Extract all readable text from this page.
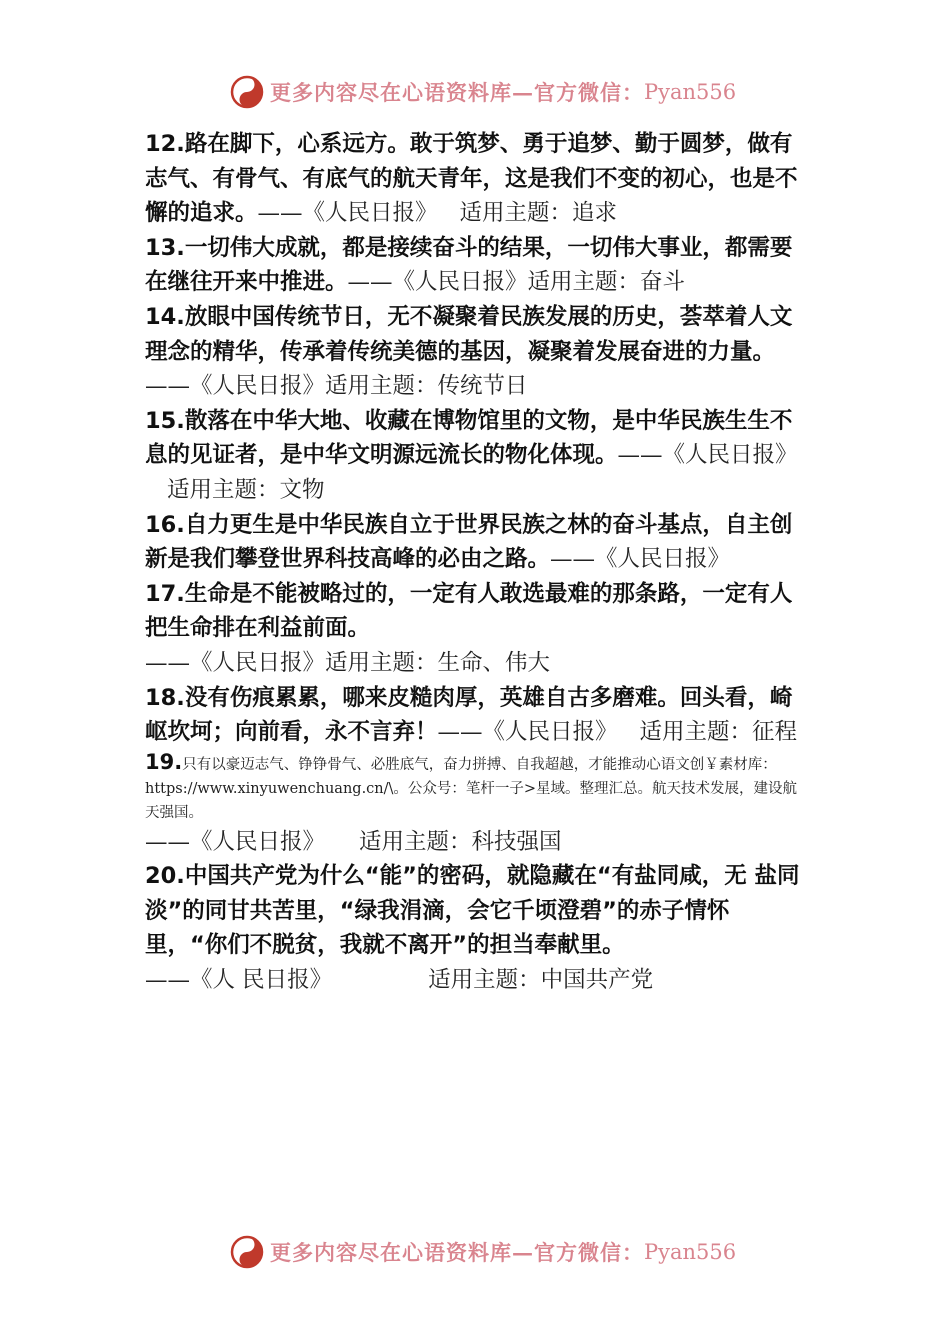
更多内容尽在心语资料库—官方微信： Pyan556
12.路在脚下，心系远方。敢于筑梦、勇于追梦、勤于圆梦，做有志气、有骨气、有底气的航天青年，这是我们不变的初心，也是不懈的追求。——《人民日报》 适用主题：追求
13.一切伟大成就，都是接续奋斗的结果，一切伟大事业，都需要在继往开来中推进。——《人民日报》适用主题：奋斗
14.放眼中国传统节日，无不凝聚着民族发展的历史，荟萃着人文理念的精华，传承着传统美德的基因，凝聚着发展奋进的力量。——《人民日报》适用主题：传统节日
15.散落在中华大地、收藏在博物馆里的文物，是中华民族生生不息的见证者，是中华文明源远流长的物化体现。——《人民日报》适用主题：文物
16.自力更生是中华民族自立于世界民族之林的奋斗基点，自主创新是我们攀登世界科技高峰的必由之路。——《人民日报》
17.生命是不能被略过的，一定有人敢选最难的那条路，一定有人把生命排在利益前面。
——《人民日报》适用主题：生命、伟大
18.没有伤痕累累，哪来皮糙肉厚，英雄自古多磨难。回头看，崎岖坎坷；向前看，永不言弃！——《人民日报》 适用主题：征程
19.只有以豪迈志气、铮铮骨气、必胜底气，奋力拼搏、自我超越，才能推动心语文创￥素材库：https://www.xinyuwenchuang.cn/\。公众号：笔杆一子>星域。整理汇总。航天技术发展，建设航天强国。
——《人民日报》 适用主题：科技强国
20.中国共产党为什么“能”的密码，就隐藏在“有盐同咸，无 盐同淡”的同甘共苦里，“绿我涓滴，会它千顷澄碧”的赤子情怀里，“你们不脱贫，我就不离开”的担当奉献里。——《人 民日报》	适用主题：中国共产党
更多内容尽在心语资料库—官方微信： Pyan556
